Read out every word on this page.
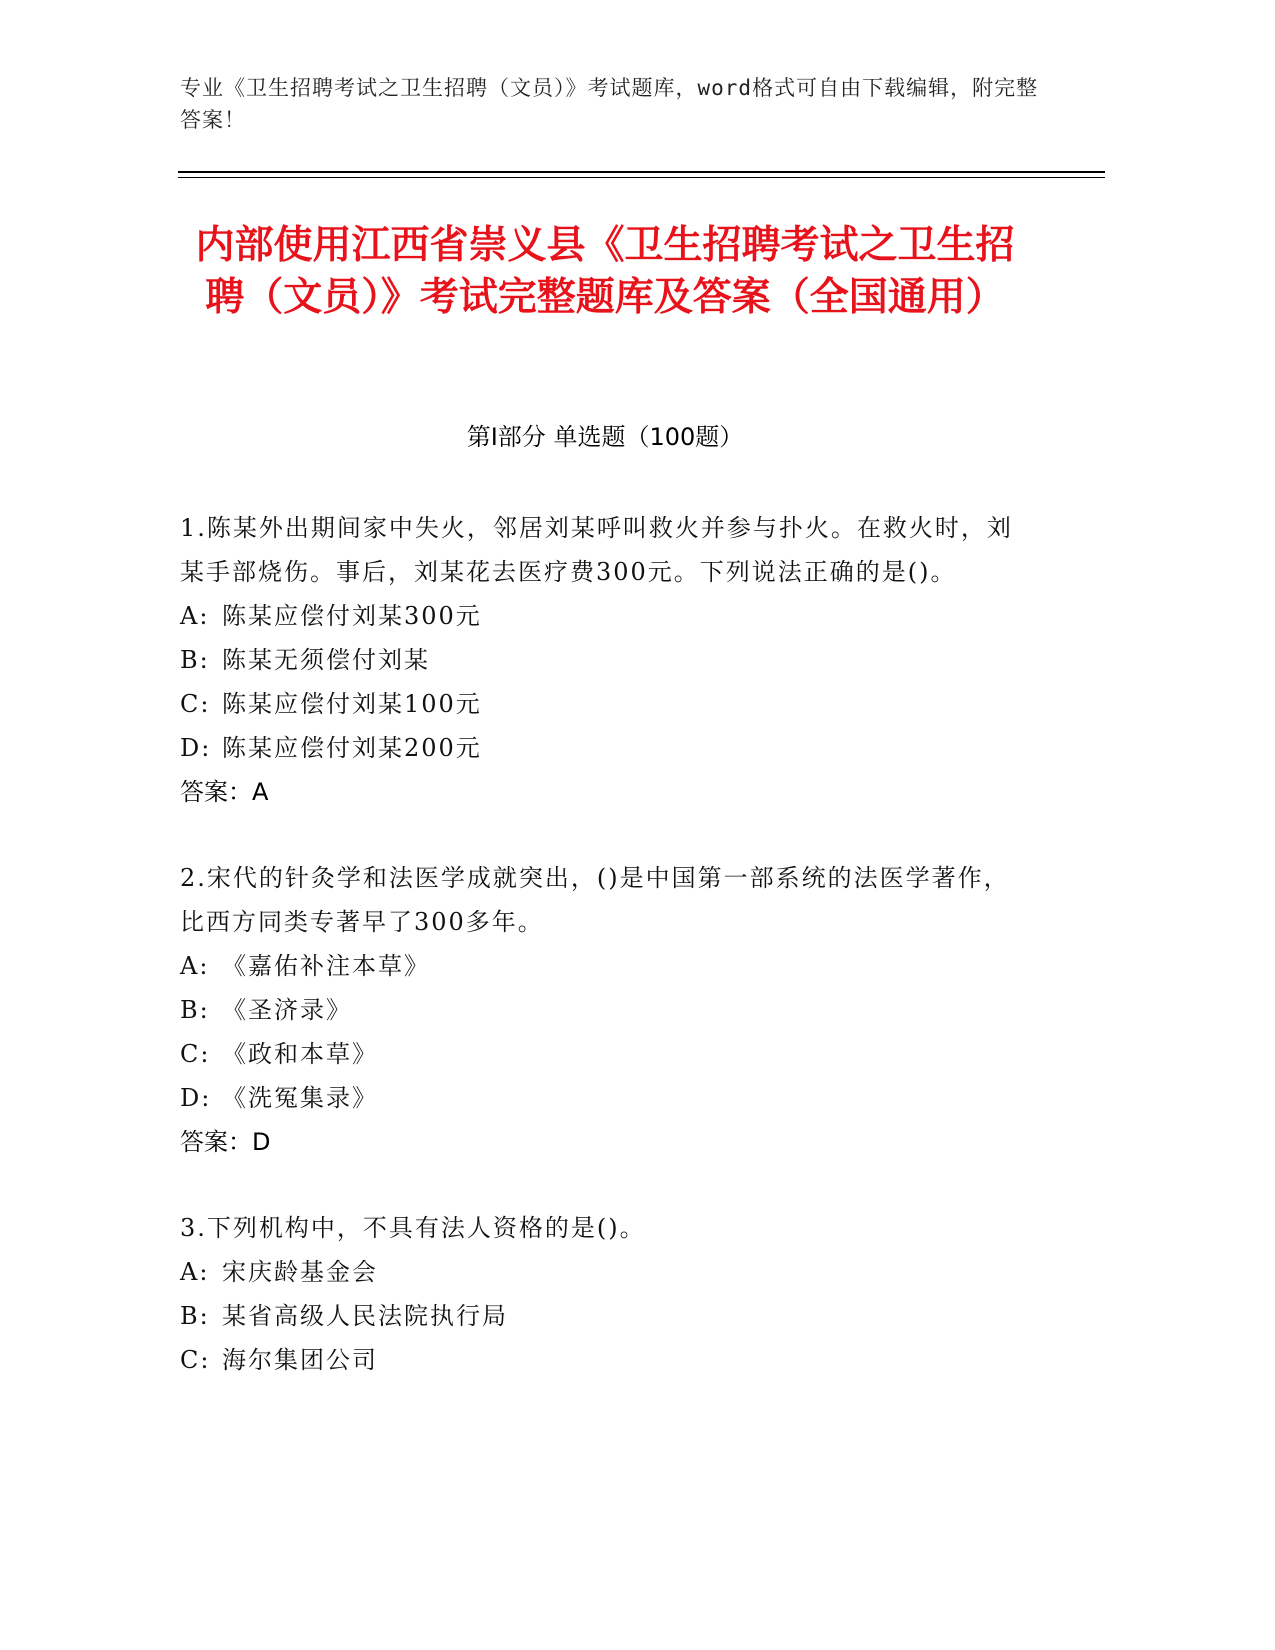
专业《卫生招聘考试之卫生招聘（文员）》考试题库，word格式可自由下载编辑，附完整答案！
内部使用江西省崇义县《卫生招聘考试之卫生招聘（文员）》考试完整题库及答案（全国通用）
第Ⅰ部分 单选题（100题）
1.陈某外出期间家中失火，邻居刘某呼叫救火并参与扑火。在救火时，刘某手部烧伤。事后，刘某花去医疗费300元。下列说法正确的是()。
A: 陈某应偿付刘某300元
B: 陈某无须偿付刘某
C: 陈某应偿付刘某100元
D: 陈某应偿付刘某200元
答案：A
2.宋代的针灸学和法医学成就突出，()是中国第一部系统的法医学著作，比西方同类专著早了300多年。
A: 《嘉佑补注本草》
B: 《圣济录》
C: 《政和本草》
D: 《洗冤集录》
答案：D
3.下列机构中，不具有法人资格的是()。
A: 宋庆龄基金会
B: 某省高级人民法院执行局
C: 海尔集团公司
